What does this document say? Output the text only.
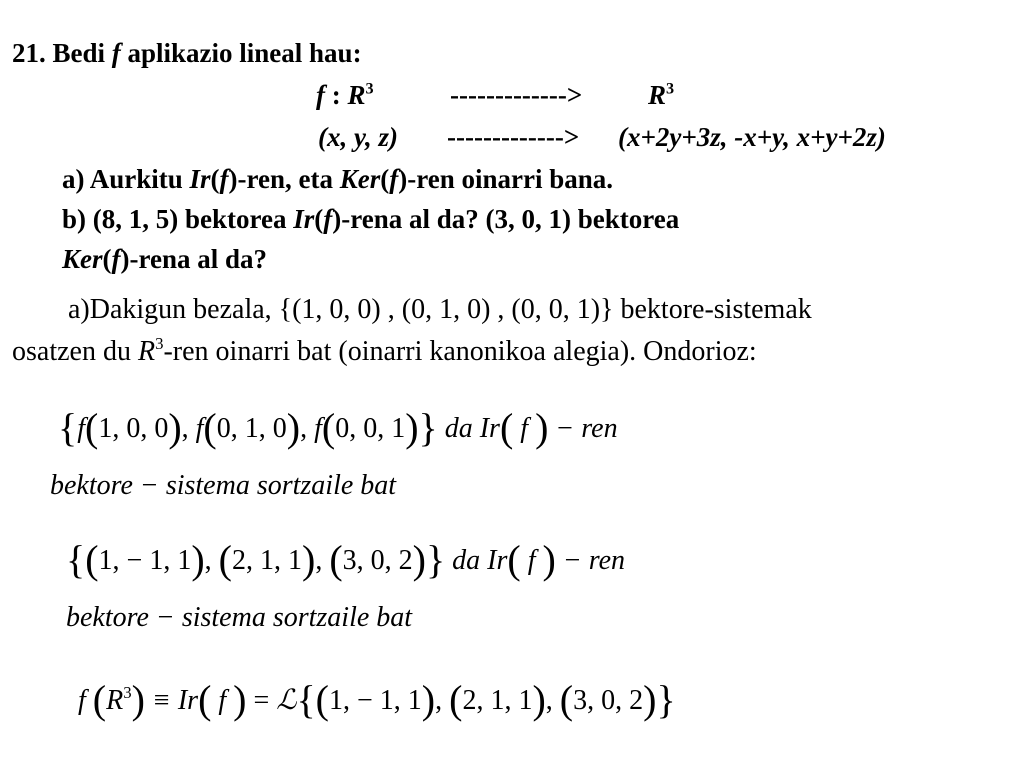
21. Bedi f aplikazio lineal hau:
f : $R^3$	-------------> $R^3$
(x, y, z) -------------> (x+2y+3z, -x+y, x+y+2z)
a) Aurkitu Ir(f)-ren, eta Ker(f)-ren oinarri bana.
b) (8, 1, 5) bektorea Ir(f)-rena al da? (3, 0, 1) bektorea
Ker(f)-rena al da?
a)Dakigun bezala, {(1, 0, 0) , (0, 1, 0) , (0, 0, 1)} bektore-sistemak
osatzen du $R^3$-ren oinarri bat (oinarri kanonikoa alegia). Ondorioz:
{f(1, 0, 0), f(0, 1, 0), f(0, 0, 1)} da Ir( f ) − ren
bektore − sistema sortzaile bat
{(1, − 1, 1), (2, 1, 1), (3, 0, 2)} da Ir( f ) − ren
bektore − sistema sortzaile bat
f $(R^3) \equiv Ir$( f ) = ℒ{(1, − 1, 1), (2, 1, 1), (3, 0, 2)}
